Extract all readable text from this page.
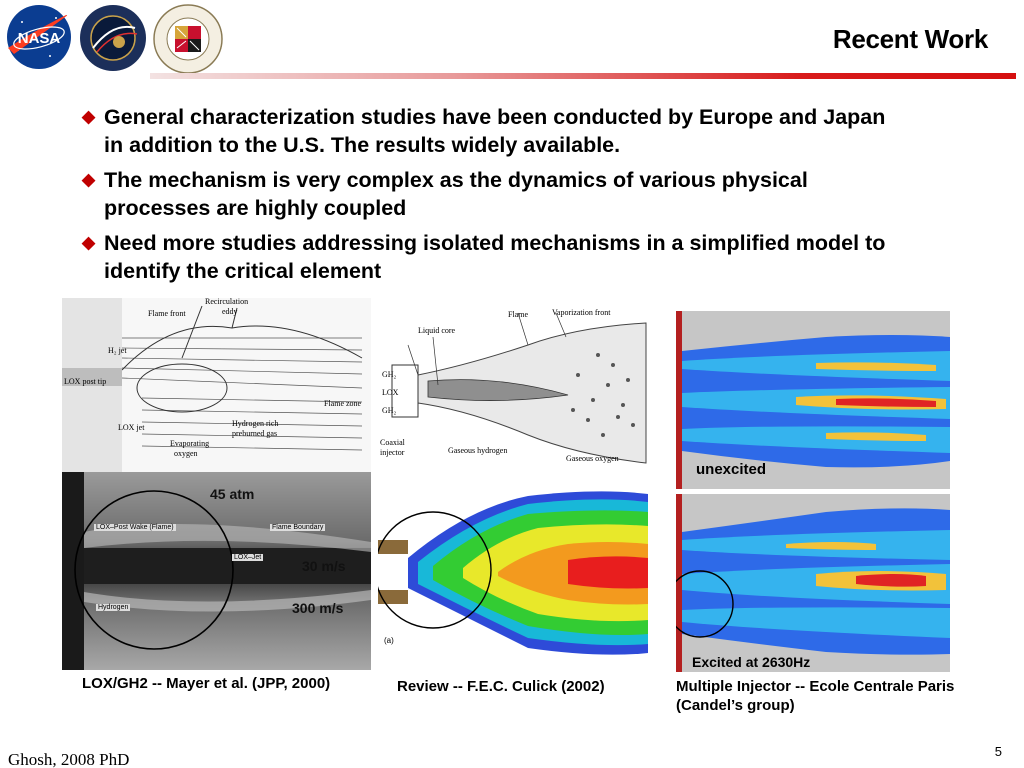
NASA	Recent Work
◆ General characterization studies have been conducted by Europe and Japan in addition to the U.S. The results widely available.
◆ The mechanism is very complex as the dynamics of various physical processes are highly coupled
◆ Need more studies addressing isolated mechanisms in a simplified model to identify the critical element
Recirculation
eddy
Flame front
H₂ jet
LOX post tip
Flame zone
LOX jet	Hydrogen rich
preburned gas
Evaporating
oxygen
45 atm
30 m/s
300 m/s
LOX–Post Wake (Flame)	Flame Boundary
LOX–Jet
Hydrogen
Flame	Vaporization front
Liquid core
GH₂
LOX
GH₂
Coaxial
injector	Gaseous hydrogen
Gaseous oxygen
(a)
unexcited
Excited at 2630Hz
LOX/GH2 -- Mayer et al. (JPP, 2000)	Review -- F.E.C. Culick (2002)	Multiple Injector -- Ecole Centrale Paris
(Candel’s group)
Ghosh, 2008 PhD	5
